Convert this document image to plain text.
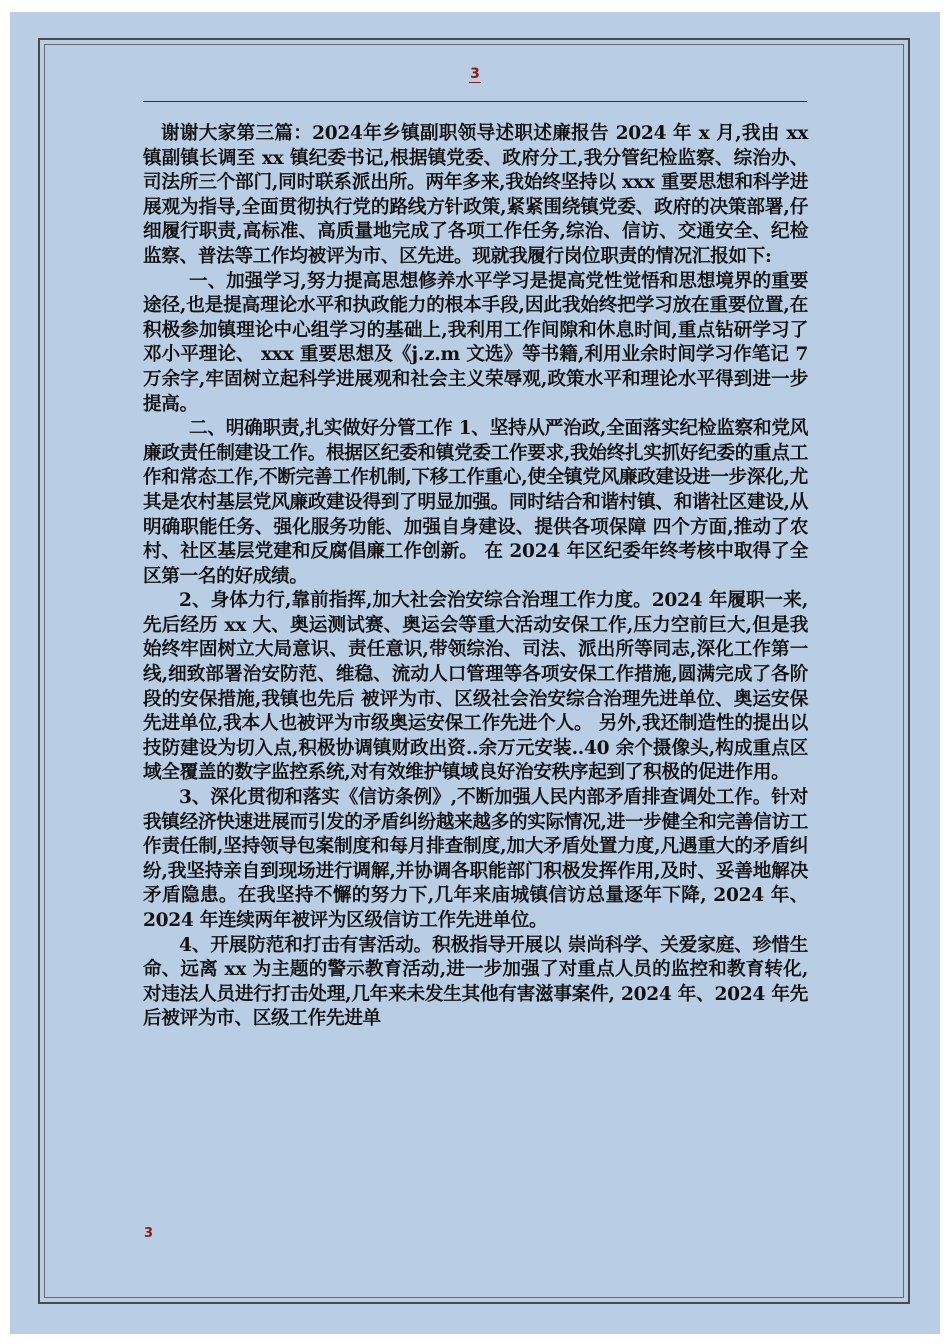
3

谢谢大家第三篇：2024年乡镇副职领导述职述廉报告 2024 年 x 月,我由 xx 镇副镇长调至 xx 镇纪委书记,根据镇党委、政府分工,我分管纪检监察、综治办、司法所三个部门,同时联系派出所。两年多来,我始终坚持以 xxx 重要思想和科学进展观为指导,全面贯彻执行党的路线方针政策,紧紧围绕镇党委、政府的决策部署,仔细履行职责,高标准、高质量地完成了各项工作任务,综治、信访、交通安全、纪检监察、普法等工作均被评为市、区先进。现就我履行岗位职责的情况汇报如下:

一、加强学习,努力提高思想修养水平学习是提高党性觉悟和思想境界的重要途径,也是提高理论水平和执政能力的根本手段,因此我始终把学习放在重要位置,在积极参加镇理论中心组学习的基础上,我利用工作间隙和休息时间,重点钻研学习了邓小平理论、 xxx 重要思想及《j.z.m 文选》等书籍,利用业余时间学习作笔记 7 万余字,牢固树立起科学进展观和社会主义荣辱观,政策水平和理论水平得到进一步提高。

二、明确职责,扎实做好分管工作 1、坚持从严治政,全面落实纪检监察和党风廉政责任制建设工作。根据区纪委和镇党委工作要求,我始终扎实抓好纪委的重点工作和常态工作,不断完善工作机制,下移工作重心,使全镇党风廉政建设进一步深化,尤其是农村基层党风廉政建设得到了明显加强。同时结合和谐村镇、和谐社区建设,从 明确职能任务、强化服务功能、加强自身建设、提供各项保障 四个方面,推动了农村、社区基层党建和反腐倡廉工作创新。 在 2024 年区纪委年终考核中取得了全区第一名的好成绩。

2、身体力行,靠前指挥,加大社会治安综合治理工作力度。2024 年履职一来,先后经历 xx 大、奥运测试赛、奥运会等重大活动安保工作,压力空前巨大,但是我始终牢固树立大局意识、责任意识,带领综治、司法、派出所等同志,深化工作第一线,细致部署治安防范、维稳、流动人口管理等各项安保工作措施,圆满完成了各阶段的安保措施,我镇也先后 被评为市、区级社会治安综合治理先进单位、奥运安保先进单位,我本人也被评为市级奥运安保工作先进个人。 另外,我还制造性的提出以技防建设为切入点,积极协调镇财政出资..余万元安装..40 余个摄像头,构成重点区域全覆盖的数字监控系统,对有效维护镇域良好治安秩序起到了积极的促进作用。

3、深化贯彻和落实《信访条例》,不断加强人民内部矛盾排查调处工作。针对我镇经济快速进展而引发的矛盾纠纷越来越多的实际情况,进一步健全和完善信访工作责任制,坚持领导包案制度和每月排查制度,加大矛盾处置力度,凡遇重大的矛盾纠纷,我坚持亲自到现场进行调解,并协调各职能部门积极发挥作用,及时、妥善地解决矛盾隐患。在我坚持不懈的努力下,几年来庙城镇信访总量逐年下降, 2024 年、2024 年连续两年被评为区级信访工作先进单位。

4、开展防范和打击有害活动。积极指导开展以 崇尚科学、关爱家庭、珍惜生命、远离 xx 为主题的警示教育活动,进一步加强了对重点人员的监控和教育转化,对违法人员进行打击处理,几年来未发生其他有害滋事案件, 2024 年、2024 年先后被评为市、区级工作先进单

3
